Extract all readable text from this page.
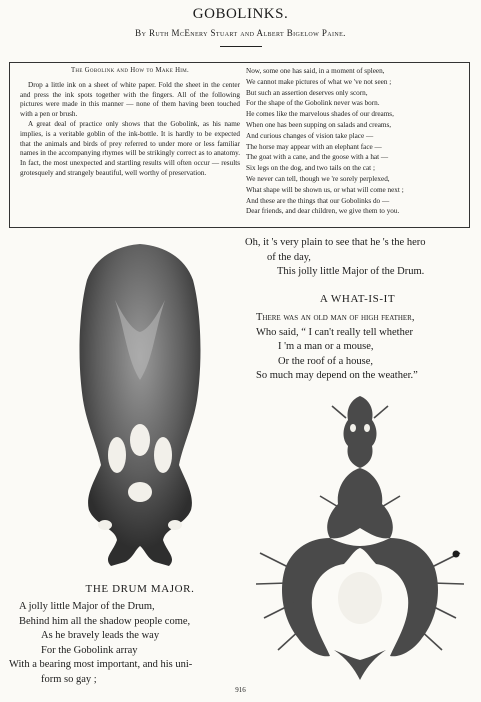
GOBOLINKS.
By Ruth McEnery Stuart and Albert Bigelow Paine.

The Gobolink and How to Make Him.

Drop a little ink on a sheet of white paper. Fold the sheet in the center and press the ink spots together with the fingers. All of the following pictures were made in this manner — none of them having been touched with a pen or brush.

A great deal of practice only shows that the Gobolink, as his name implies, is a veritable goblin of the ink-bottle. It is hardly to be expected that the animals and birds of prey referred to under more or less familiar names in the accompanying rhymes will be strikingly correct as to anatomy. In fact, the most unexpected and startling results will often occur — results grotesquely and strangely beautiful, well worthy of preservation.

Now, some one has said, in a moment of spleen,
We cannot make pictures of what we 've not seen ;
But such an assertion deserves only scorn,
For the shape of the Gobolink never was born.
He comes like the marvelous shades of our dreams,
When one has been supping on salads and creams,
And curious changes of vision take place —
The horse may appear with an elephant face —
The goat with a cane, and the goose with a hat —
Six legs on the dog, and two tails on the cat ;
We never can tell, though we 're sorely perplexed,
What shape will be shown us, or what will come next ;
And these are the things that our Gobolinks do —
Dear friends, and dear children, we give them to you.
Oh, it 's very plain to see that he 's the hero
of the day,
This jolly little Major of the Drum.
A WHAT-IS-IT
There was an old man of high feather,
Who said, “ I can't really tell whether
I 'm a man or a mouse,
Or the roof of a house,
So much may depend on the weather.”
THE DRUM MAJOR.
A jolly little Major of the Drum,
Behind him all the shadow people come,
As he bravely leads the way
For the Gobolink array
With a bearing most important, and his uni-
form so gay ;
916
